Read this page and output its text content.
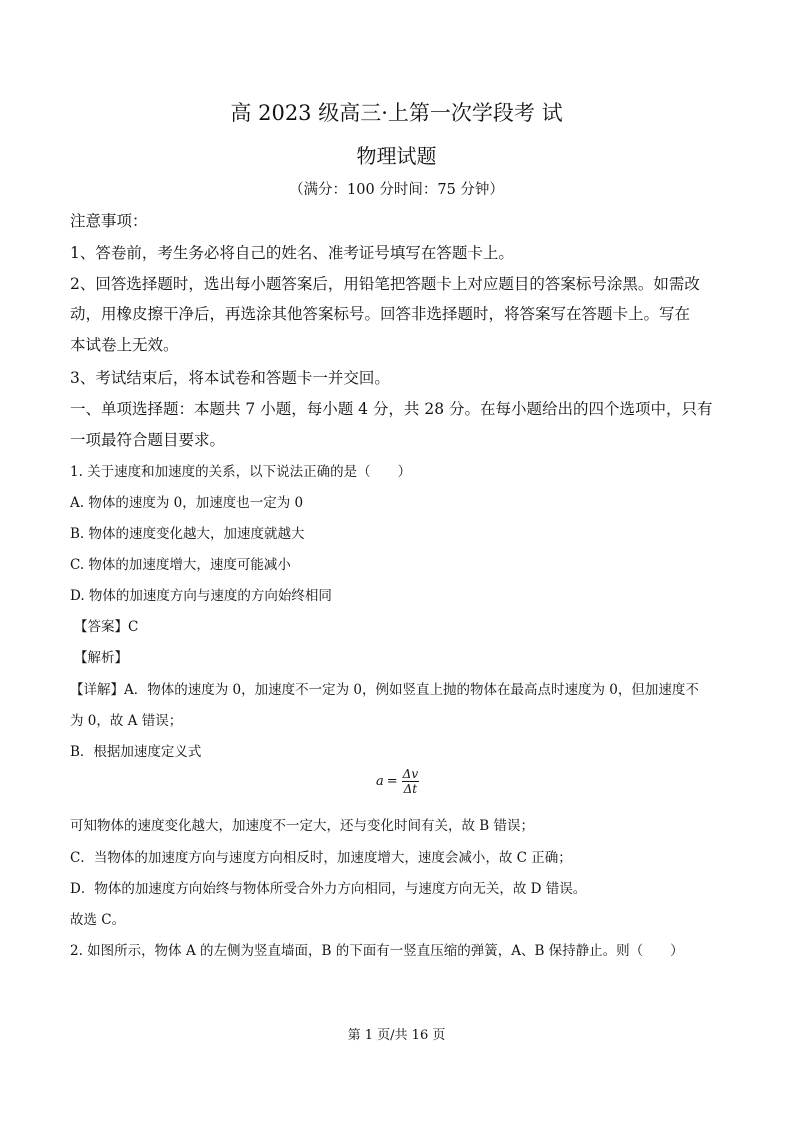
高 2023 级高三·上第一次学段考 试
物理试题
（满分：100 分时间：75 分钟）
注意事项：
1、答卷前，考生务必将自己的姓名、准考证号填写在答题卡上。
2、回答选择题时，选出每小题答案后，用铅笔把答题卡上对应题目的答案标号涂黑。如需改
动，用橡皮擦干净后，再选涂其他答案标号。回答非选择题时，将答案写在答题卡上。写在
本试卷上无效。
3、考试结束后，将本试卷和答题卡一并交回。
一、单项选择题：本题共 7 小题，每小题 4 分，共 28 分。在每小题给出的四个选项中，只有
一项最符合题目要求。
1. 关于速度和加速度的关系，以下说法正确的是（　　）
A. 物体的速度为 0，加速度也一定为 0
B. 物体的速度变化越大，加速度就越大
C. 物体的加速度增大，速度可能减小
D. 物体的加速度方向与速度的方向始终相同
【答案】C
【解析】
【详解】A．物体的速度为 0，加速度不一定为 0，例如竖直上抛的物体在最高点时速度为 0，但加速度不
为 0，故 A 错误；
B．根据加速度定义式
$a = \frac{\Delta v}{\Delta t}$
可知物体的速度变化越大，加速度不一定大，还与变化时间有关，故 B 错误；
C．当物体的加速度方向与速度方向相反时，加速度增大，速度会减小，故 C 正确；
D．物体的加速度方向始终与物体所受合外力方向相同，与速度方向无关，故 D 错误。
故选 C。
2. 如图所示，物体 A 的左侧为竖直墙面，B 的下面有一竖直压缩的弹簧，A、B 保持静止。则（　　）
第 1 页/共 16 页
